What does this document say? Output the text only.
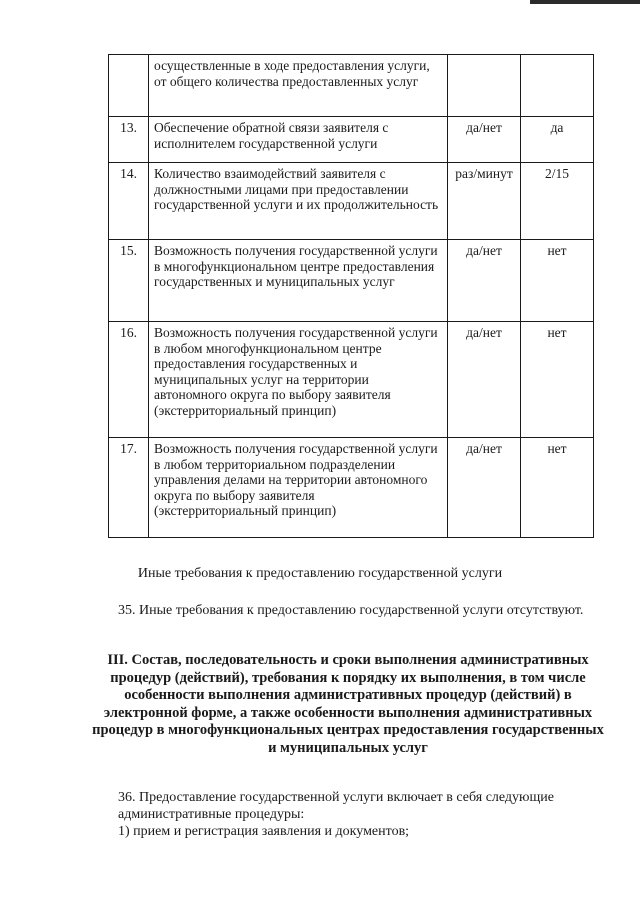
	осуществленные в ходе предоставления услуги, от общего количества предоставленных услуг		
13.	Обеспечение обратной связи заявителя с исполнителем государственной услуги	да/нет	да
14.	Количество взаимодействий заявителя с должностными лицами при предоставлении государственной услуги и их продолжительность	раз/минут	2/15
15.	Возможность получения государственной услуги в многофункциональном центре предоставления государственных и муниципальных услуг	да/нет	нет
16.	Возможность получения государственной услуги в любом многофункциональном центре предоставления государственных и муниципальных услуг на территории автономного округа по выбору заявителя (экстерриториальный принцип)	да/нет	нет
17.	Возможность получения государственной услуги в любом территориальном подразделении управления делами на территории автономного округа по выбору заявителя (экстерриториальный принцип)	да/нет	нет
Иные требования к предоставлению государственной услуги
35. Иные требования к предоставлению государственной услуги отсутствуют.
III. Состав, последовательность и сроки выполнения административных процедур (действий), требования к порядку их выполнения, в том числе особенности выполнения административных процедур (действий) в электронной форме, а также особенности выполнения административных процедур в многофункциональных центрах предоставления государственных и муниципальных услуг
36. Предоставление государственной услуги включает в себя следующие административные процедуры:
1) прием и регистрация заявления и документов;
